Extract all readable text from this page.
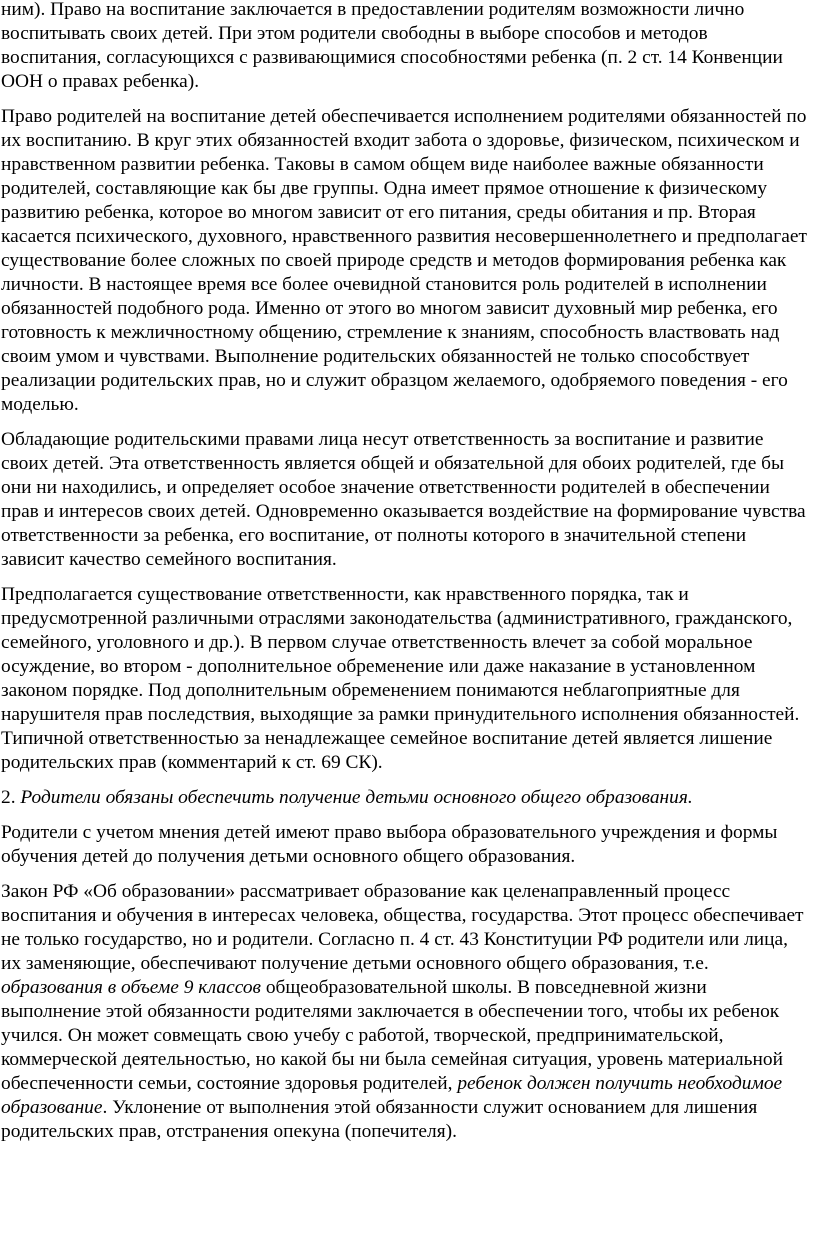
ним). Право на воспитание заключается в предоставлении родителям возможности лично воспитывать своих детей. При этом родители свободны в выборе способов и методов воспитания, согласующихся с развивающимися способностями ребенка (п. 2 ст. 14 Конвенции ООН о правах ребенка).

Право родителей на воспитание детей обеспечивается исполнением родителями обязанностей по их воспитанию. В круг этих обязанностей входит забота о здоровье, физическом, психическом и нравственном развитии ребенка. Таковы в самом общем виде наиболее важные обязанности родителей, составляющие как бы две группы. Одна имеет прямое отношение к физическому развитию ребенка, которое во многом зависит от его питания, среды обитания и пр. Вторая касается психического, духовного, нравственного развития несовершеннолетнего и предполагает существование более сложных по своей природе средств и методов формирования ребенка как личности. В настоящее время все более очевидной становится роль родителей в исполнении обязанностей подобного рода. Именно от этого во многом зависит духовный мир ребенка, его готовность к межличностному общению, стремление к знаниям, способность властвовать над своим умом и чувствами. Выполнение родительских обязанностей не только способствует реализации родительских прав, но и служит образцом желаемого, одобряемого поведения - его моделью.

Обладающие родительскими правами лица несут ответственность за воспитание и развитие своих детей. Эта ответственность является общей и обязательной для обоих родителей, где бы они ни находились, и определяет особое значение ответственности родителей в обеспечении прав и интересов своих детей. Одновременно оказывается воздействие на формирование чувства ответственности за ребенка, его воспитание, от полноты которого в значительной степени зависит качество семейного воспитания.

Предполагается существование ответственности, как нравственного порядка, так и предусмотренной различными отраслями законодательства (административного, гражданского, семейного, уголовного и др.). В первом случае ответственность влечет за собой моральное осуждение, во втором - дополнительное обременение или даже наказание в установленном законом порядке. Под дополнительным обременением понимаются неблагоприятные для нарушителя прав последствия, выходящие за рамки принудительного исполнения обязанностей. Типичной ответственностью за ненадлежащее семейное воспитание детей является лишение родительских прав (комментарий к ст. 69 СК).

2. Родители обязаны обеспечить получение детьми основного общего образования.

Родители с учетом мнения детей имеют право выбора образовательного учреждения и формы обучения детей до получения детьми основного общего образования.

Закон РФ «Об образовании» рассматривает образование как целенаправленный процесс воспитания и обучения в интересах человека, общества, государства. Этот процесс обеспечивает не только государство, но и родители. Согласно п. 4 ст. 43 Конституции РФ родители или лица, их заменяющие, обеспечивают получение детьми основного общего образования, т.е. образования в объеме 9 классов общеобразовательной школы. В повседневной жизни выполнение этой обязанности родителями заключается в обеспечении того, чтобы их ребенок учился. Он может совмещать свою учебу с работой, творческой, предпринимательской, коммерческой деятельностью, но какой бы ни была семейная ситуация, уровень материальной обеспеченности семьи, состояние здоровья родителей, ребенок должен получить необходимое образование. Уклонение от выполнения этой обязанности служит основанием для лишения родительских прав, отстранения опекуна (попечителя).
